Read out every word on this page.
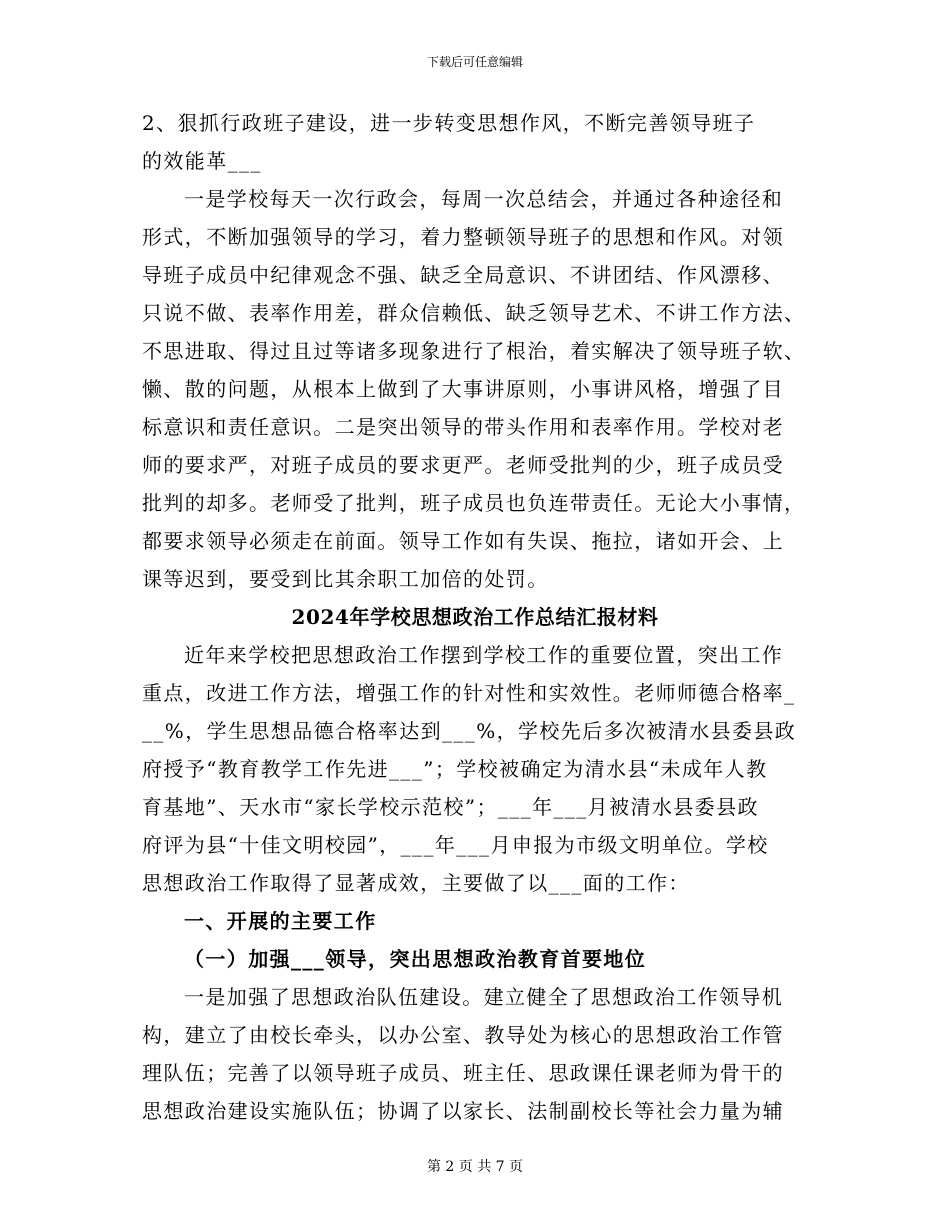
下载后可任意编辑
2、狠抓行政班子建设，进一步转变思想作风，不断完善领导班子
的效能革___
一是学校每天一次行政会，每周一次总结会，并通过各种途径和
形式，不断加强领导的学习，着力整顿领导班子的思想和作风。对领
导班子成员中纪律观念不强、缺乏全局意识、不讲团结、作风漂移、
只说不做、表率作用差，群众信赖低、缺乏领导艺术、不讲工作方法、
不思进取、得过且过等诸多现象进行了根治，着实解决了领导班子软、
懒、散的问题，从根本上做到了大事讲原则，小事讲风格，增强了目
标意识和责任意识。二是突出领导的带头作用和表率作用。学校对老
师的要求严，对班子成员的要求更严。老师受批判的少，班子成员受
批判的却多。老师受了批判，班子成员也负连带责任。无论大小事情，
都要求领导必须走在前面。领导工作如有失误、拖拉，诸如开会、上
课等迟到，要受到比其余职工加倍的处罚。
2024年学校思想政治工作总结汇报材料
近年来学校把思想政治工作摆到学校工作的重要位置，突出工作
重点，改进工作方法，增强工作的针对性和实效性。老师师德合格率_
__%，学生思想品德合格率达到___%，学校先后多次被清水县委县政
府授予“教育教学工作先进___”；学校被确定为清水县“未成年人教
育基地”、天水市“家长学校示范校”；___年___月被清水县委县政
府评为县“十佳文明校园”，___年___月申报为市级文明单位。学校
思想政治工作取得了显著成效，主要做了以___面的工作：
一、开展的主要工作
（一）加强___领导，突出思想政治教育首要地位
一是加强了思想政治队伍建设。建立健全了思想政治工作领导机
构，建立了由校长牵头，以办公室、教导处为核心的思想政治工作管
理队伍；完善了以领导班子成员、班主任、思政课任课老师为骨干的
思想政治建设实施队伍；协调了以家长、法制副校长等社会力量为辅
第 2 页 共 7 页
